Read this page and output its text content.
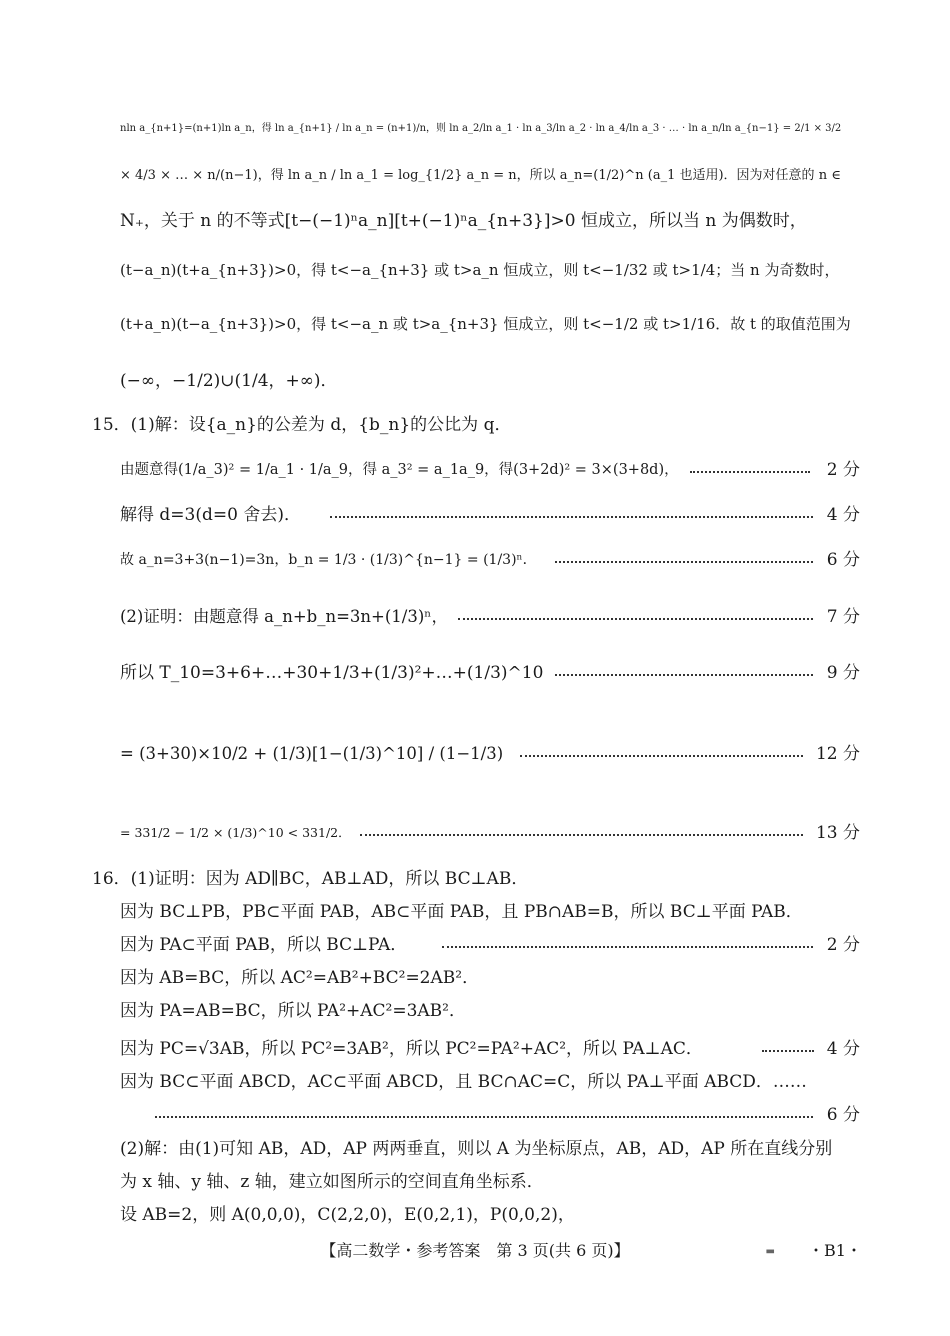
nln a_{n+1}=(n+1)ln a_n，得 ln a_{n+1} / ln a_n = (n+1)/n，则 ln a_2/ln a_1 · ln a_3/ln a_2 · ln a_4/ln a_3 · … · ln a_n/ln a_{n−1} = 2/1 × 3/2
× 4/3 × … × n/(n−1)，得 ln a_n / ln a_1 = log_{1/2} a_n = n，所以 a_n=(1/2)^n (a_1 也适用)．因为对任意的 n ∈
N₊，关于 n 的不等式[t−(−1)ⁿa_n][t+(−1)ⁿa_{n+3}]>0 恒成立，所以当 n 为偶数时，
(t−a_n)(t+a_{n+3})>0，得 t<−a_{n+3} 或 t>a_n 恒成立，则 t<−1/32 或 t>1/4；当 n 为奇数时，
(t+a_n)(t−a_{n+3})>0，得 t<−a_n 或 t>a_{n+3} 恒成立，则 t<−1/2 或 t>1/16．故 t 的取值范围为
(−∞，−1/2)∪(1/4，+∞)．
15．(1)解：设{a_n}的公差为 d，{b_n}的公比为 q．
由题意得(1/a_3)² = 1/a_1 · 1/a_9，得 a_3² = a_1a_9，得(3+2d)² = 3×(3+8d)，	2 分
解得 d=3(d=0 舍去)．	4 分
故 a_n=3+3(n−1)=3n，b_n = 1/3 · (1/3)^{n−1} = (1/3)ⁿ．	6 分
(2)证明：由题意得 a_n+b_n=3n+(1/3)ⁿ，	7 分
所以 T_10=3+6+…+30+1/3+(1/3)²+…+(1/3)^10	9 分
= (3+30)×10/2 + (1/3)[1−(1/3)^10] / (1−1/3)	12 分
= 331/2 − 1/2 × (1/3)^10 < 331/2．	13 分
16．(1)证明：因为 AD∥BC，AB⊥AD，所以 BC⊥AB．
因为 BC⊥PB，PB⊂平面 PAB，AB⊂平面 PAB，且 PB∩AB=B，所以 BC⊥平面 PAB．
因为 PA⊂平面 PAB，所以 BC⊥PA．	2 分
因为 AB=BC，所以 AC²=AB²+BC²=2AB²．
因为 PA=AB=BC，所以 PA²+AC²=3AB²．
因为 PC=√3AB，所以 PC²=3AB²，所以 PC²=PA²+AC²，所以 PA⊥AC．	4 分
因为 BC⊂平面 ABCD，AC⊂平面 ABCD，且 BC∩AC=C，所以 PA⊥平面 ABCD．……
6 分
(2)解：由(1)可知 AB，AD，AP 两两垂直，则以 A 为坐标原点，AB，AD，AP 所在直线分别
为 x 轴、y 轴、z 轴，建立如图所示的空间直角坐标系．
设 AB=2，则 A(0,0,0)，C(2,2,0)，E(0,2,1)，P(0,0,2)，
【高二数学・参考答案　第 3 页(共 6 页)】	▬ ・B1・
